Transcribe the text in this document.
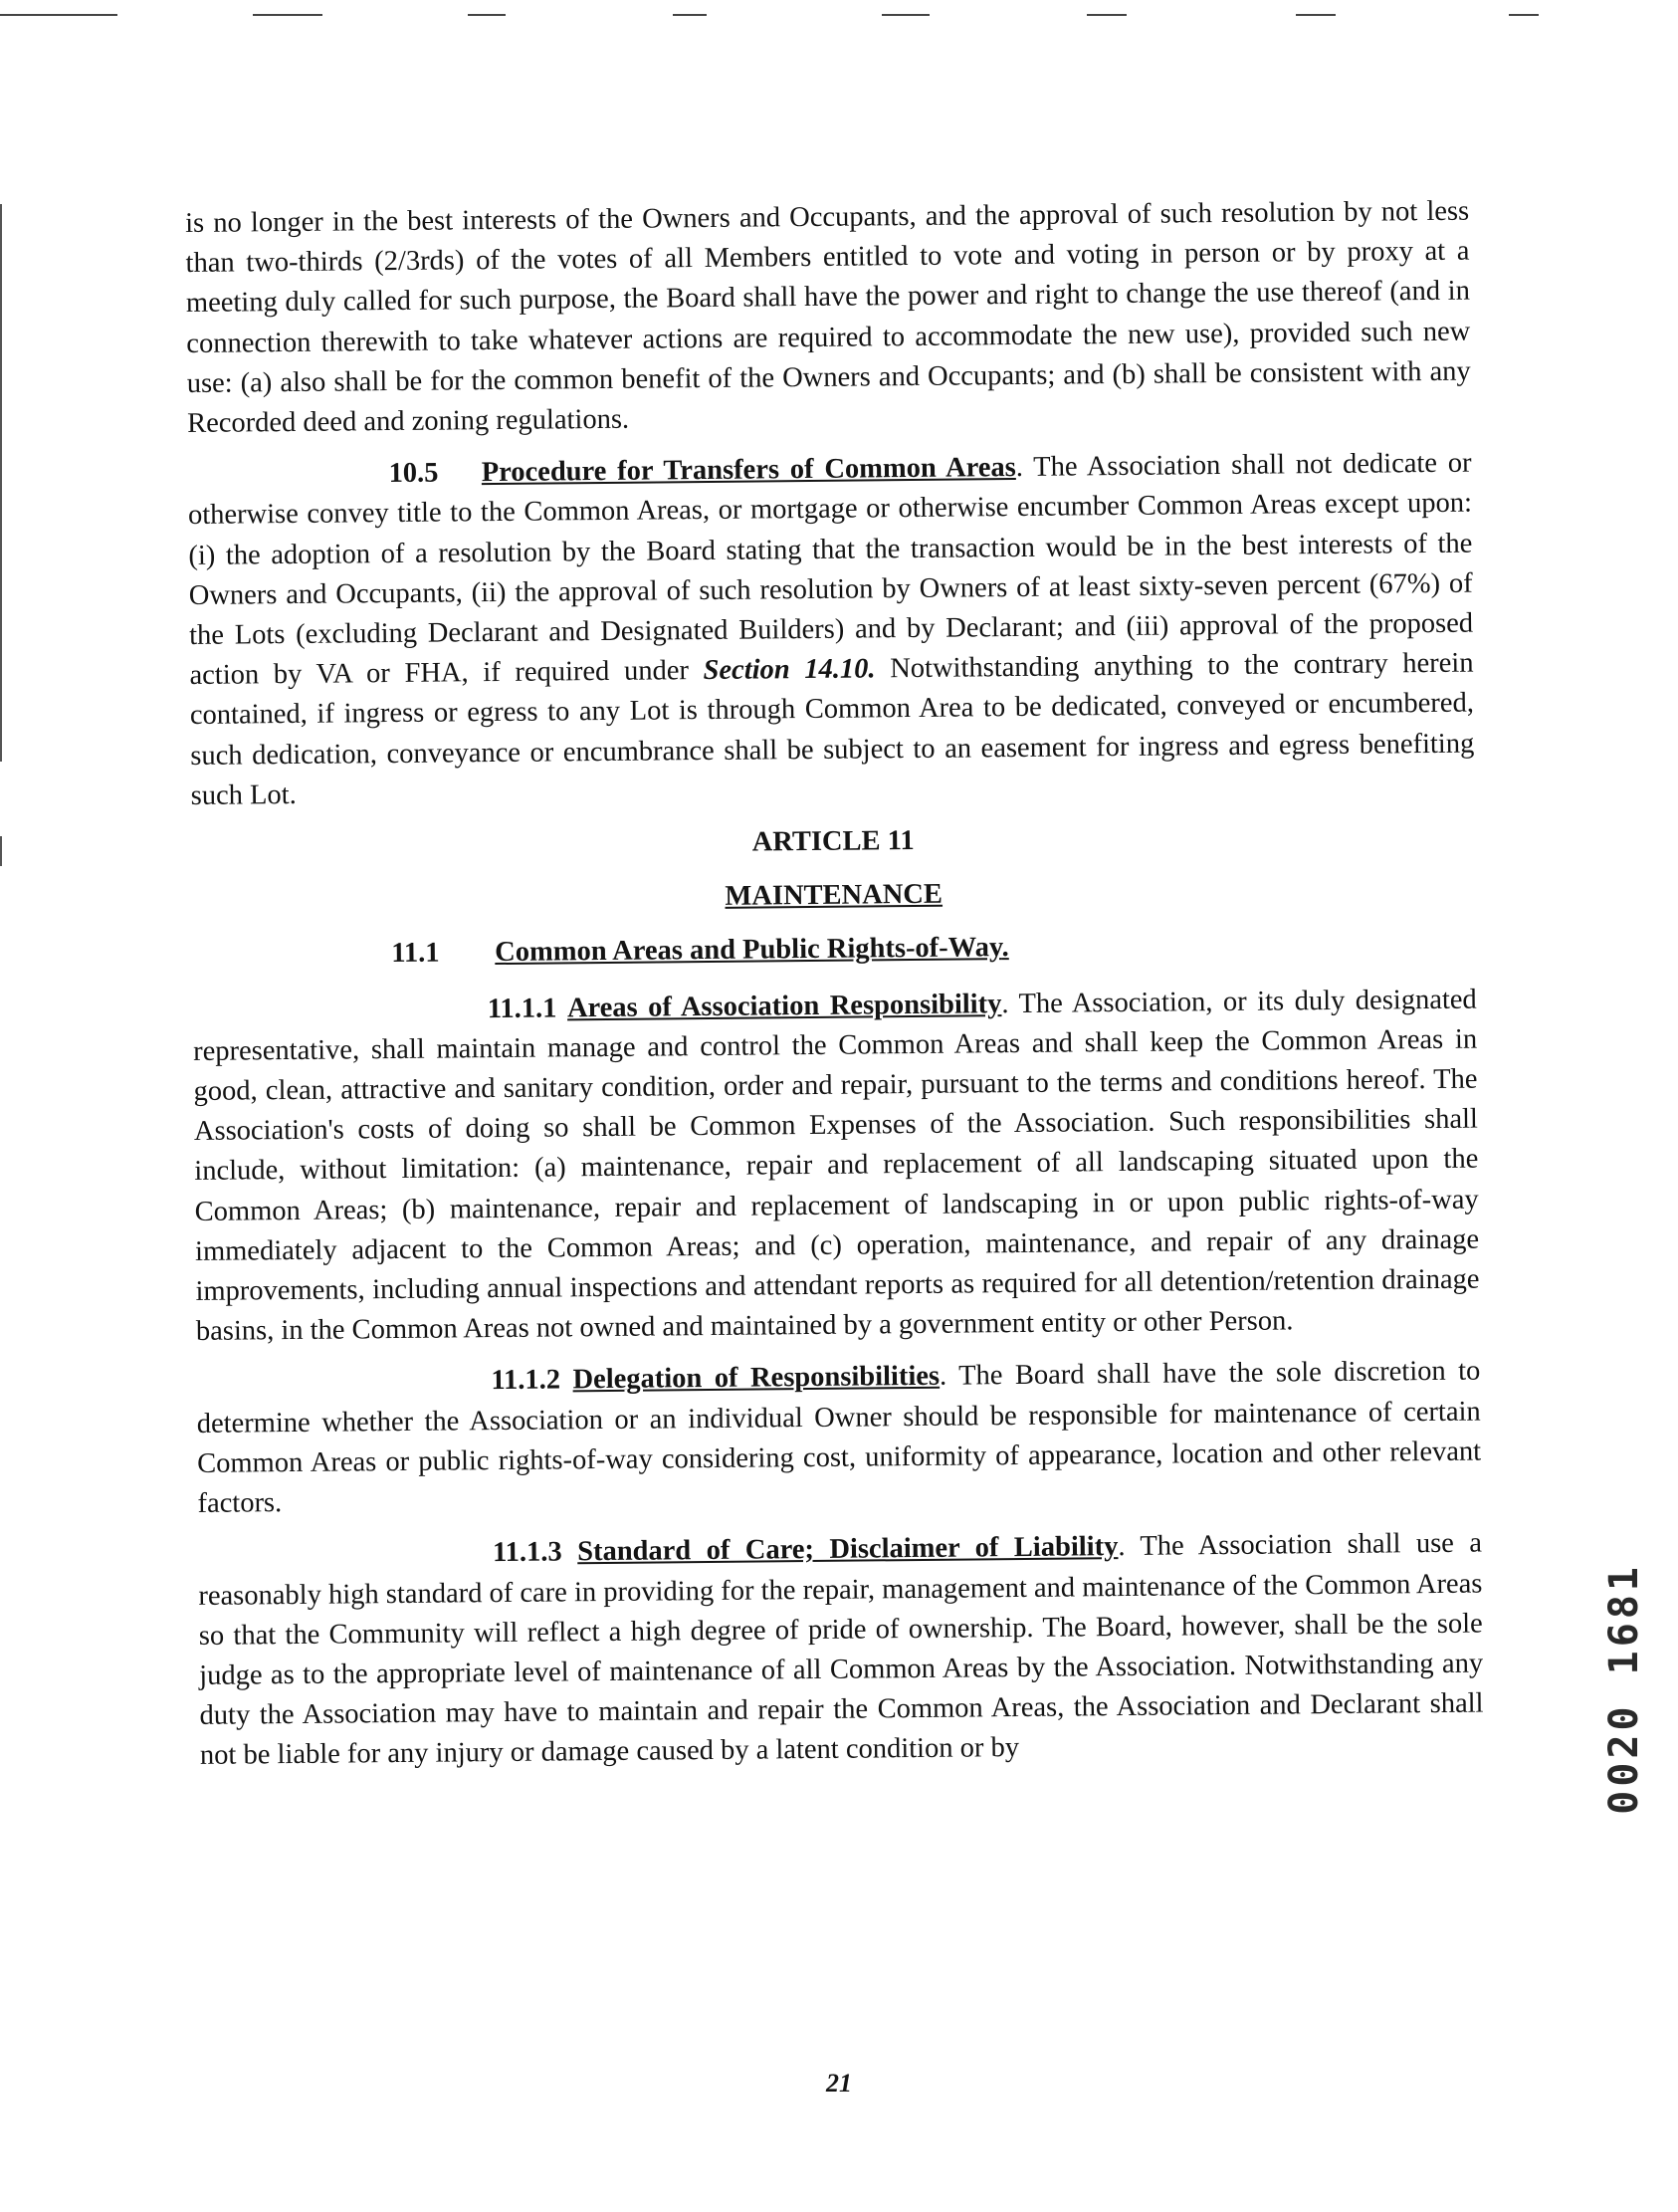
is no longer in the best interests of the Owners and Occupants, and the approval of such resolution by not less than two-thirds (2/3rds) of the votes of all Members entitled to vote and voting in person or by proxy at a meeting duly called for such purpose, the Board shall have the power and right to change the use thereof (and in connection therewith to take whatever actions are required to accommodate the new use), provided such new use: (a) also shall be for the common benefit of the Owners and Occupants; and (b) shall be consistent with any Recorded deed and zoning regulations.

10.5 Procedure for Transfers of Common Areas. The Association shall not dedicate or otherwise convey title to the Common Areas, or mortgage or otherwise encumber Common Areas except upon: (i) the adoption of a resolution by the Board stating that the transaction would be in the best interests of the Owners and Occupants, (ii) the approval of such resolution by Owners of at least sixty-seven percent (67%) of the Lots (excluding Declarant and Designated Builders) and by Declarant; and (iii) approval of the proposed action by VA or FHA, if required under Section 14.10. Notwithstanding anything to the contrary herein contained, if ingress or egress to any Lot is through Common Area to be dedicated, conveyed or encumbered, such dedication, conveyance or encumbrance shall be subject to an easement for ingress and egress benefiting such Lot.

ARTICLE 11

MAINTENANCE

11.1 Common Areas and Public Rights-of-Way.

11.1.1 Areas of Association Responsibility. The Association, or its duly designated representative, shall maintain manage and control the Common Areas and shall keep the Common Areas in good, clean, attractive and sanitary condition, order and repair, pursuant to the terms and conditions hereof. The Association's costs of doing so shall be Common Expenses of the Association. Such responsibilities shall include, without limitation: (a) maintenance, repair and replacement of all landscaping situated upon the Common Areas; (b) maintenance, repair and replacement of landscaping in or upon public rights-of-way immediately adjacent to the Common Areas; and (c) operation, maintenance, and repair of any drainage improvements, including annual inspections and attendant reports as required for all detention/retention drainage basins, in the Common Areas not owned and maintained by a government entity or other Person.

11.1.2 Delegation of Responsibilities. The Board shall have the sole discretion to determine whether the Association or an individual Owner should be responsible for maintenance of certain Common Areas or public rights-of-way considering cost, uniformity of appearance, location and other relevant factors.

11.1.3 Standard of Care; Disclaimer of Liability. The Association shall use a reasonably high standard of care in providing for the repair, management and maintenance of the Common Areas so that the Community will reflect a high degree of pride of ownership. The Board, however, shall be the sole judge as to the appropriate level of maintenance of all Common Areas by the Association. Notwithstanding any duty the Association may have to maintain and repair the Common Areas, the Association and Declarant shall not be liable for any injury or damage caused by a latent condition or by	0020 1681
21
